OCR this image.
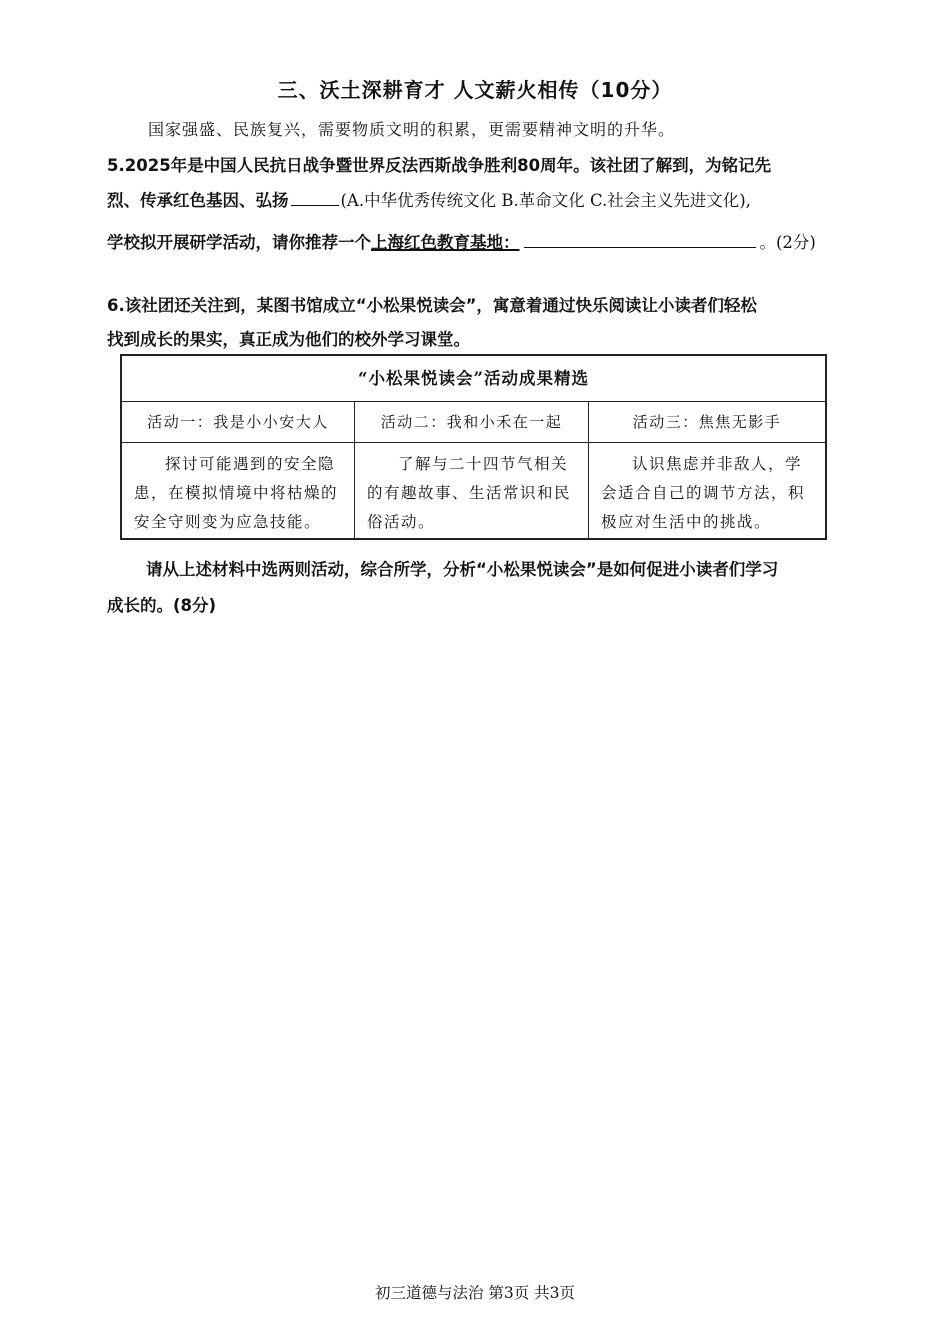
三、沃土深耕育才 人文薪火相传（10分）
国家强盛、民族复兴，需要物质文明的积累，更需要精神文明的升华。
5.2025年是中国人民抗日战争暨世界反法西斯战争胜利80周年。该社团了解到，为铭记先
烈、传承红色基因、弘扬	(A.中华优秀传统文化 B.革命文化 C.社会主义先进文化),
学校拟开展研学活动，请你推荐一个上海红色教育基地：	。(2分)
6.该社团还关注到，某图书馆成立“小松果悦读会”，寓意着通过快乐阅读让小读者们轻松
找到成长的果实，真正成为他们的校外学习课堂。
“小松果悦读会”活动成果精选
活动一：我是小小安大人
探讨可能遇到的安全隐患，在模拟情境中将枯燥的安全守则变为应急技能。
活动二：我和小禾在一起
了解与二十四节气相关的有趣故事、生活常识和民俗活动。
活动三：焦焦无影手
认识焦虑并非敌人，学会适合自己的调节方法，积极应对生活中的挑战。
请从上述材料中选两则活动，综合所学，分析“小松果悦读会”是如何促进小读者们学习
成长的。(8分)
初三道德与法治 第3页 共3页
